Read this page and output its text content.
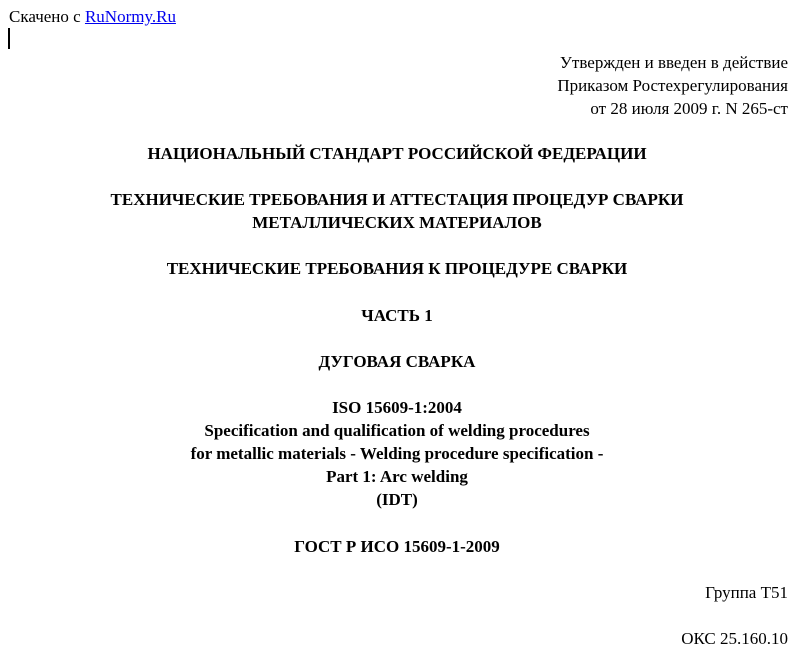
Скачено с RuNormy.Ru
Утвержден и введен в действие
Приказом Ростехрегулирования
от 28 июля 2009 г. N 265-ст
НАЦИОНАЛЬНЫЙ СТАНДАРТ РОССИЙСКОЙ ФЕДЕРАЦИИ
ТЕХНИЧЕСКИЕ ТРЕБОВАНИЯ И АТТЕСТАЦИЯ ПРОЦЕДУР СВАРКИ
МЕТАЛЛИЧЕСКИХ МАТЕРИАЛОВ
ТЕХНИЧЕСКИЕ ТРЕБОВАНИЯ К ПРОЦЕДУРЕ СВАРКИ
ЧАСТЬ 1
ДУГОВАЯ СВАРКА
ISO 15609-1:2004
Specification and qualification of welding procedures
for metallic materials - Welding procedure specification -
Part 1: Arc welding
(IDT)
ГОСТ Р ИСО 15609-1-2009
Группа Т51
ОКС 25.160.10
